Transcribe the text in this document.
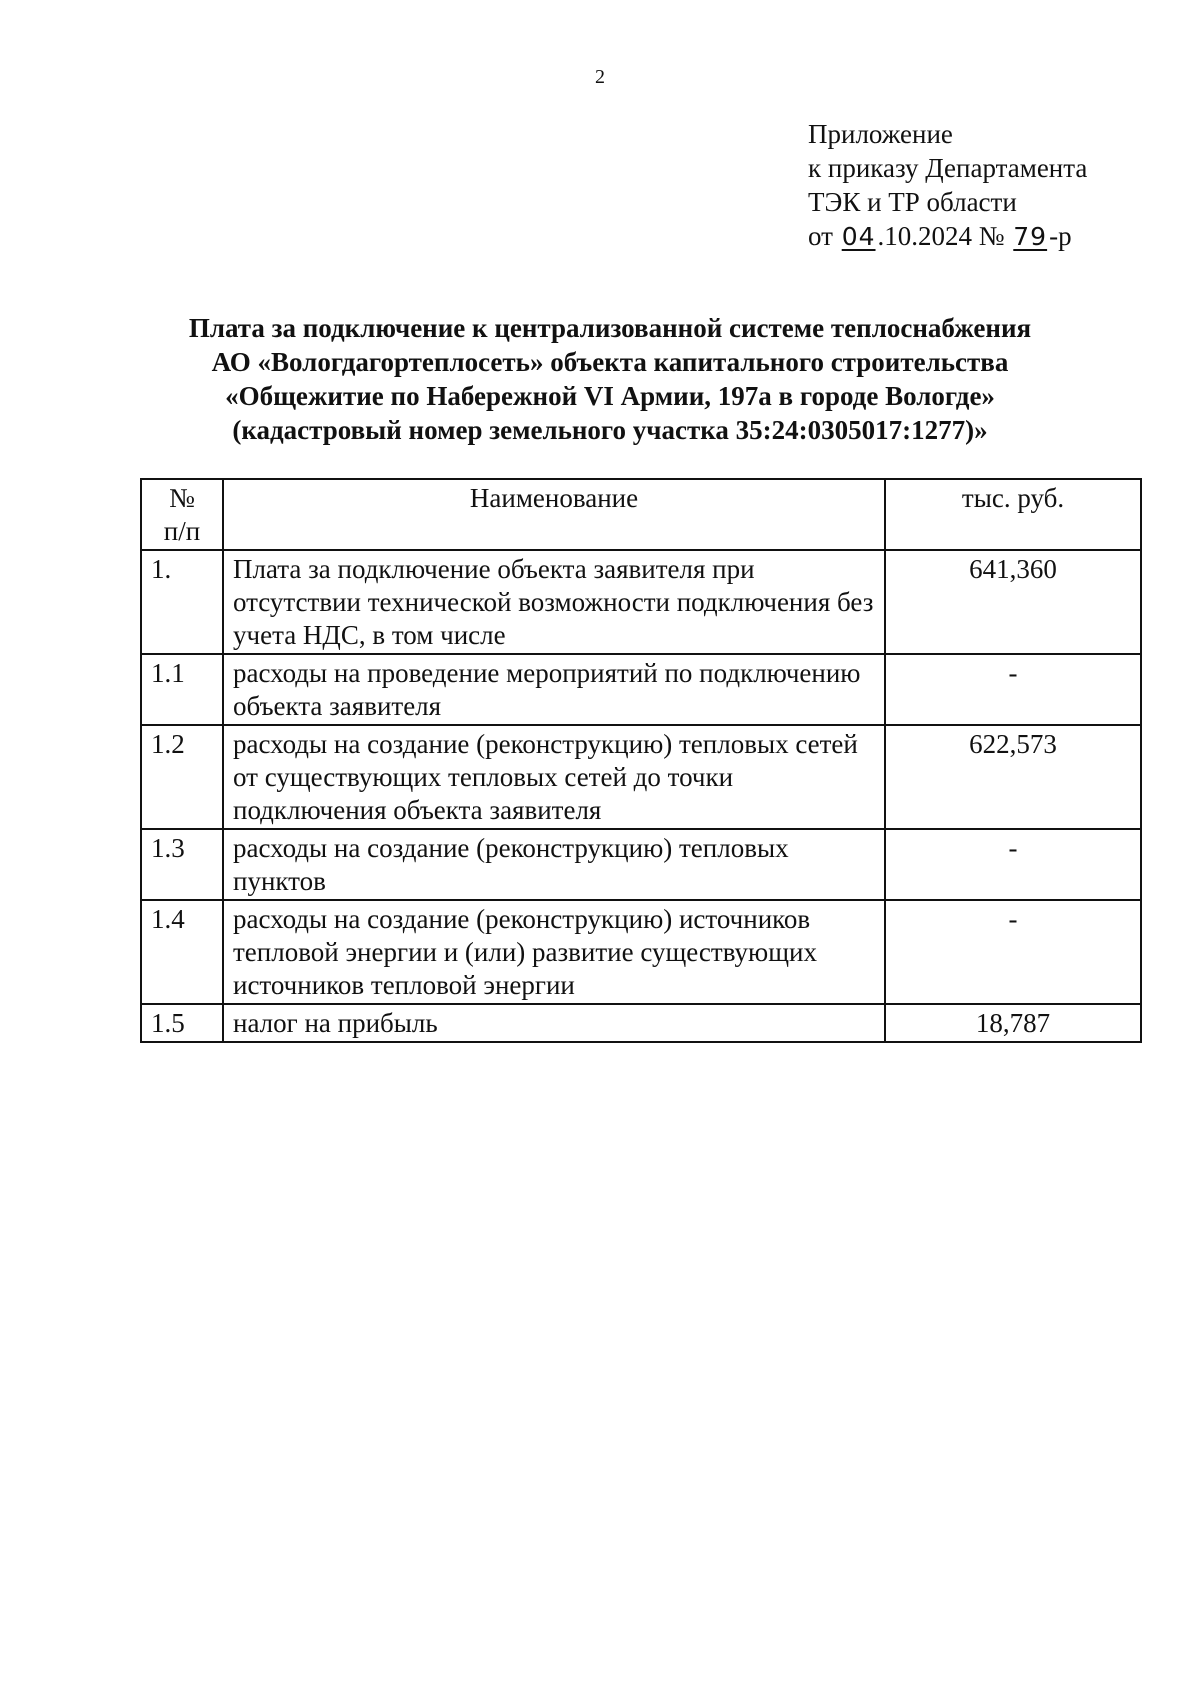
2
Приложение
к приказу Департамента
ТЭК и ТР области
от 04.10.2024 № 79-р
Плата за подключение к централизованной системе теплоснабжения
АО «Вологдагортеплосеть» объекта капитального строительства
«Общежитие по Набережной VI Армии, 197а в городе Вологде»
(кадастровый номер земельного участка 35:24:0305017:1277)»
№
п/п	Наименование	тыс. руб.
1.	Плата за подключение объекта заявителя при отсутствии технической возможности подключения без учета НДС, в том числе	641,360
1.1	расходы на проведение мероприятий по подключению объекта заявителя	-
1.2	расходы на создание (реконструкцию) тепловых сетей от существующих тепловых сетей до точки подключения объекта заявителя	622,573
1.3	расходы на создание (реконструкцию) тепловых пунктов	-
1.4	расходы на создание (реконструкцию) источников тепловой энергии и (или) развитие существующих источников тепловой энергии	-
1.5	налог на прибыль	18,787
